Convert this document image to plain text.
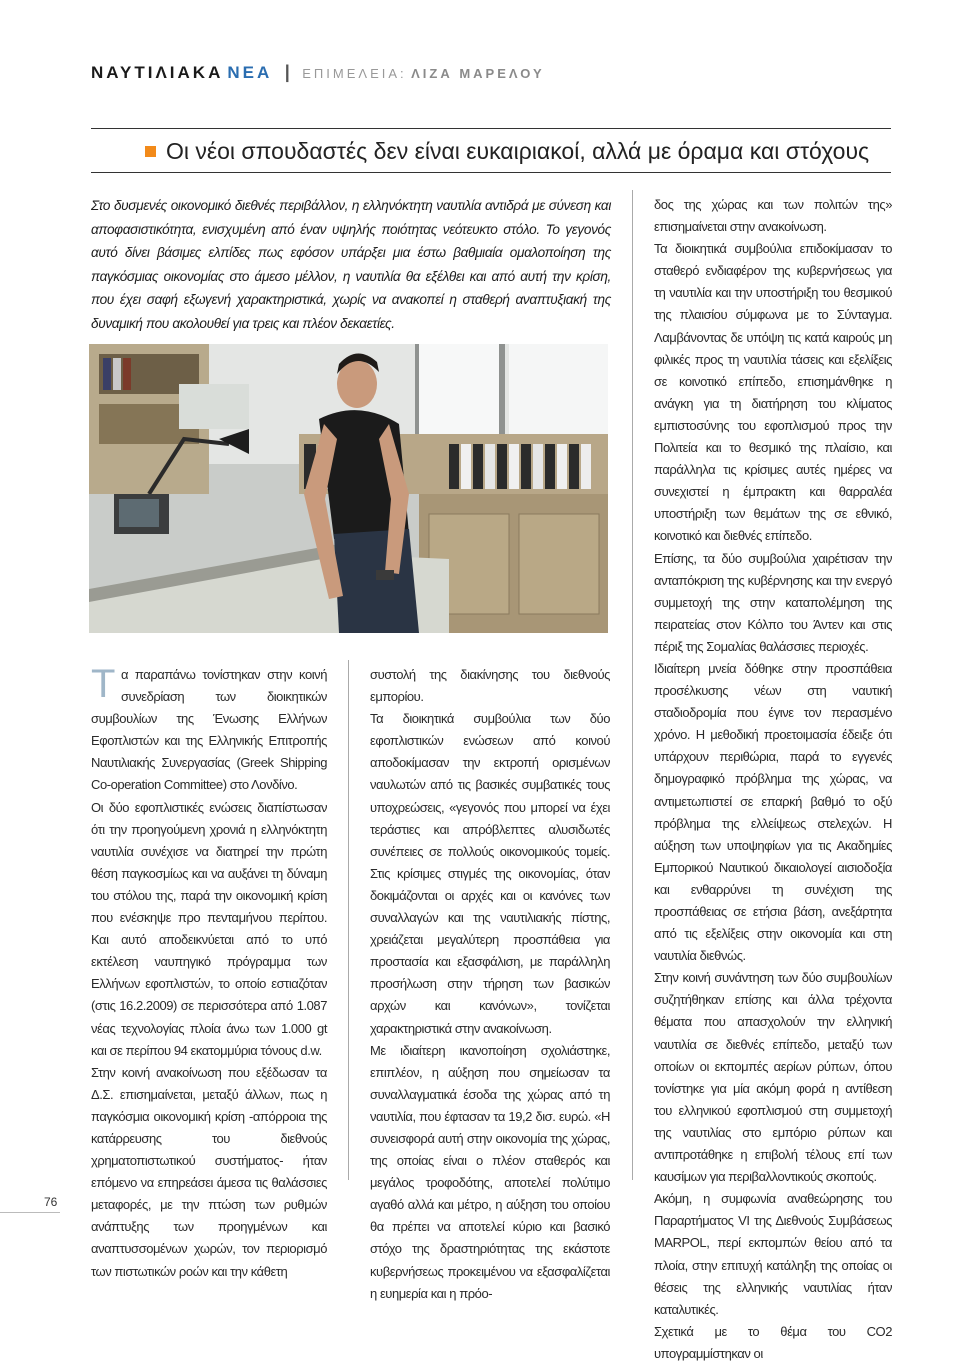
ΝΑΥΤΙΛΙΑΚΑ ΝΕΑ | ΕΠΙΜΕΛΕΙΑ: ΛΙΖΑ ΜΑΡΕΛΟΥ
Οι νέοι σπουδαστές δεν είναι ευκαιριακοί, αλλά με όραμα και στόχους
Στο δυσμενές οικονομικό διεθνές περιβάλλον, η ελληνόκτητη ναυτιλία αντιδρά με σύνεση και αποφασιστικότητα, ενισχυμένη από έναν υψηλής ποιότητας νεότευκτο στόλο. Το γεγονός αυτό δίνει βάσιμες ελπίδες πως εφόσον υπάρξει μια έστω βαθμιαία ομαλοποίηση της παγκόσμιας οικονομίας στο άμεσο μέλλον, η ναυτιλία θα εξέλθει και από αυτή την κρίση, που έχει σαφή εξωγενή χαρακτηριστικά, χωρίς να ανακοπεί η σταθερή αναπτυξιακή της δυναμική που ακολουθεί για τρεις και πλέον δεκαετίες.

Τα παραπάνω τονίστηκαν στην κοινή συνεδρίαση των διοικητικών συμβουλίων της Ένωσης Ελλήνων Εφοπλιστών και της Ελληνικής Επιτροπής Ναυτιλιακής Συνεργασίας (Greek Shipping Co-operation Committee) στο Λονδίνο.

Οι δύο εφοπλιστικές ενώσεις διαπίστωσαν ότι την προηγούμενη χρονιά η ελληνόκτητη ναυτιλία συνέχισε να διατηρεί την πρώτη θέση παγκοσμίως και να αυξάνει τη δύναμη του στόλου της, παρά την οικονομική κρίση που ενέσκηψε προ πενταμήνου περίπου. Και αυτό αποδεικνύεται από το υπό εκτέλεση ναυπηγικό πρόγραμμα των Ελλήνων εφοπλιστών, το οποίο εστιαζόταν (στις 16.2.2009) σε περισσότερα από 1.087 νέας τεχνολογίας πλοία άνω των 1.000 gt και σε περίπου 94 εκατομμύρια τόνους d.w.

Στην κοινή ανακοίνωση που εξέδωσαν τα Δ.Σ. επισημαίνεται, μεταξύ άλλων, πως η παγκόσμια οικονομική κρίση -απόρροια της κατάρρευσης του διεθνούς χρηματοπιστωτικού συστήματος- ήταν επόμενο να επηρεάσει άμεσα τις θαλάσσιες μεταφορές, με την πτώση των ρυθμών ανάπτυξης των προηγμένων και αναπτυσσομένων χωρών, τον περιορισμό των πιστωτικών ροών και την κάθετη

συστολή της διακίνησης του διεθνούς εμπορίου.

Τα διοικητικά συμβούλια των δύο εφοπλιστικών ενώσεων από κοινού αποδοκίμασαν την εκτροπή ορισμένων ναυλωτών από τις βασικές συμβατικές τους υποχρεώσεις, «γεγονός που μπορεί να έχει τεράστιες και απρόβλεπτες αλυσιδωτές συνέπειες σε πολλούς οικονομικούς τομείς. Στις κρίσιμες στιγμές της οικονομίας, όταν δοκιμάζονται οι αρχές και οι κανόνες των συναλλαγών και της ναυτιλιακής πίστης, χρειάζεται μεγαλύτερη προσπάθεια για προστασία και εξασφάλιση, με παράλληλη προσήλωση στην τήρηση των βασικών αρχών και κανόνων», τονίζεται χαρακτηριστικά στην ανακοίνωση.

Με ιδιαίτερη ικανοποίηση σχολιάστηκε, επιπλέον, η αύξηση που σημείωσαν τα συναλλαγματικά έσοδα της χώρας από τη ναυτιλία, που έφτασαν τα 19,2 δισ. ευρώ. «Η συνεισφορά αυτή στην οικονομία της χώρας, της οποίας είναι ο πλέον σταθερός και μεγάλος τροφοδότης, αποτελεί πολύτιμο αγαθό αλλά και μέτρο, η αύξηση του οποίου θα πρέπει να αποτελεί κύριο και βασικό στόχο της δραστηριότητας της εκάστοτε κυβερνήσεως προκειμένου να εξασφαλίζεται η ευημερία και η πρόο-

δος της χώρας και των πολιτών της» επισημαίνεται στην ανακοίνωση.

Τα διοικητικά συμβούλια επιδοκίμασαν το σταθερό ενδιαφέρον της κυβερνήσεως για τη ναυτιλία και την υποστήριξη του θεσμικού της πλαισίου σύμφωνα με το Σύνταγμα. Λαμβάνοντας δε υπόψη τις κατά καιρούς μη φιλικές προς τη ναυτιλία τάσεις και εξελίξεις σε κοινοτικό επίπεδο, επισημάνθηκε η ανάγκη για τη διατήρηση του κλίματος εμπιστοσύνης του εφοπλισμού προς την Πολιτεία και το θεσμικό της πλαίσιο, και παράλληλα τις κρίσιμες αυτές ημέρες να συνεχιστεί η έμπρακτη και θαρραλέα υποστήριξη των θεμάτων της σε εθνικό, κοινοτικό και διεθνές επίπεδο.

Επίσης, τα δύο συμβούλια χαιρέτισαν την ανταπόκριση της κυβέρνησης και την ενεργό συμμετοχή της στην καταπολέμηση της πειρατείας στον Κόλπο του Άντεν και στις πέριξ της Σομαλίας θαλάσσιες περιοχές.

Ιδιαίτερη μνεία δόθηκε στην προσπάθεια προσέλκυσης νέων στη ναυτική σταδιοδρομία που έγινε τον περασμένο χρόνο. Η μεθοδική προετοιμασία έδειξε ότι υπάρχουν περιθώρια, παρά το εγγενές δημογραφικό πρόβλημα της χώρας, να αντιμετωπιστεί σε επαρκή βαθμό το οξύ πρόβλημα της ελλείψεως στελεχών. Η αύξηση των υποψηφίων για τις Ακαδημίες Εμπορικού Ναυτικού δικαιολογεί αισιοδοξία και ενθαρρύνει τη συνέχιση της προσπάθειας σε ετήσια βάση, ανεξάρτητα από τις εξελίξεις στην οικονομία και στη ναυτιλία διεθνώς.

Στην κοινή συνάντηση των δύο συμβουλίων συζητήθηκαν επίσης και άλλα τρέχοντα θέματα που απασχολούν την ελληνική ναυτιλία σε διεθνές επίπεδο, μεταξύ των οποίων οι εκπομπές αερίων ρύπων, όπου τονίστηκε για μία ακόμη φορά η αντίθεση του ελληνικού εφοπλισμού στη συμμετοχή της ναυτιλίας στο εμπόριο ρύπων και αντιπροτάθηκε η επιβολή τέλους επί των καυσίμων για περιβαλλοντικούς σκοπούς.

Ακόμη, η συμφωνία αναθεώρησης του Παραρτήματος VI της Διεθνούς Συμβάσεως MARPOL, περί εκπομπών θείου από τα πλοία, στην επιτυχή κατάληξη της οποίας οι θέσεις της ελληνικής ναυτιλίας ήταν καταλυτικές.

Σχετικά με το θέμα του CO2 υπογραμμίστηκαν οι

76
